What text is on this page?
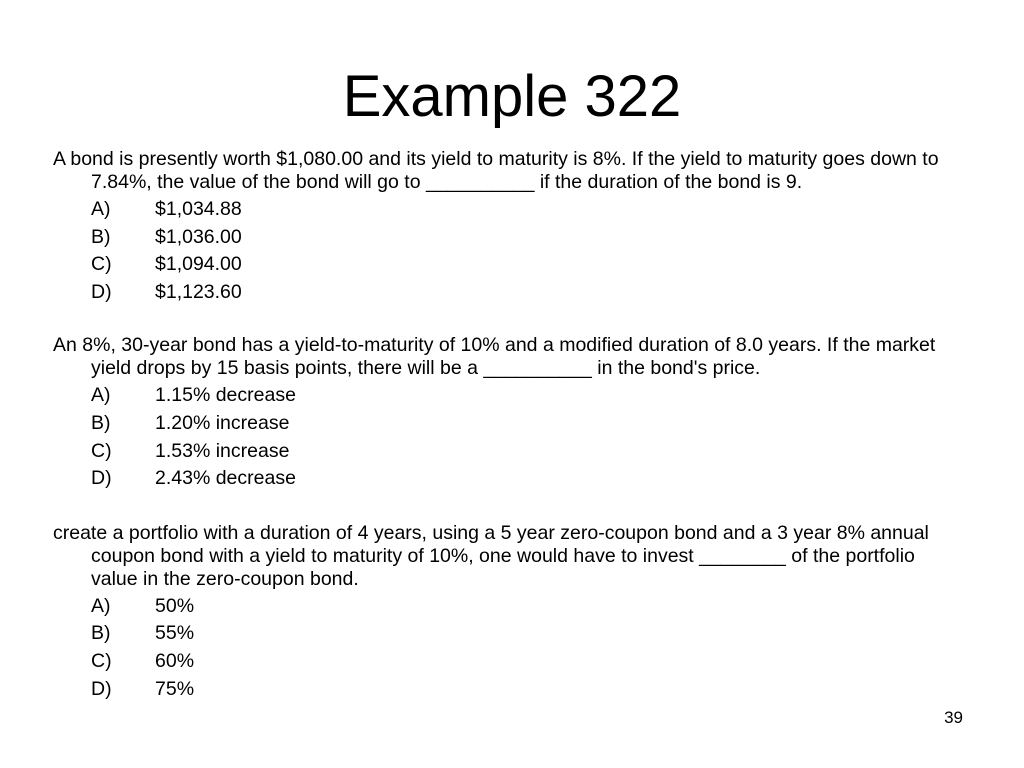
Example 322

A bond is presently worth $1,080.00 and its yield to maturity is 8%. If the yield to maturity goes down to 7.84%, the value of the bond will go to __________ if the duration of the bond is 9.

A) $1,034.88
B) $1,036.00
C) $1,094.00
D) $1,123.60

An 8%, 30-year bond has a yield-to-maturity of 10% and a modified duration of 8.0 years. If the market yield drops by 15 basis points, there will be a __________ in the bond's price.

A) 1.15% decrease
B) 1.20% increase
C) 1.53% increase
D) 2.43% decrease

create a portfolio with a duration of 4 years, using a 5 year zero-coupon bond and a 3 year 8% annual coupon bond with a yield to maturity of 10%, one would have to invest ________ of the portfolio value in the zero-coupon bond.

A) 50%
B) 55%
C) 60%
D) 75%
39
